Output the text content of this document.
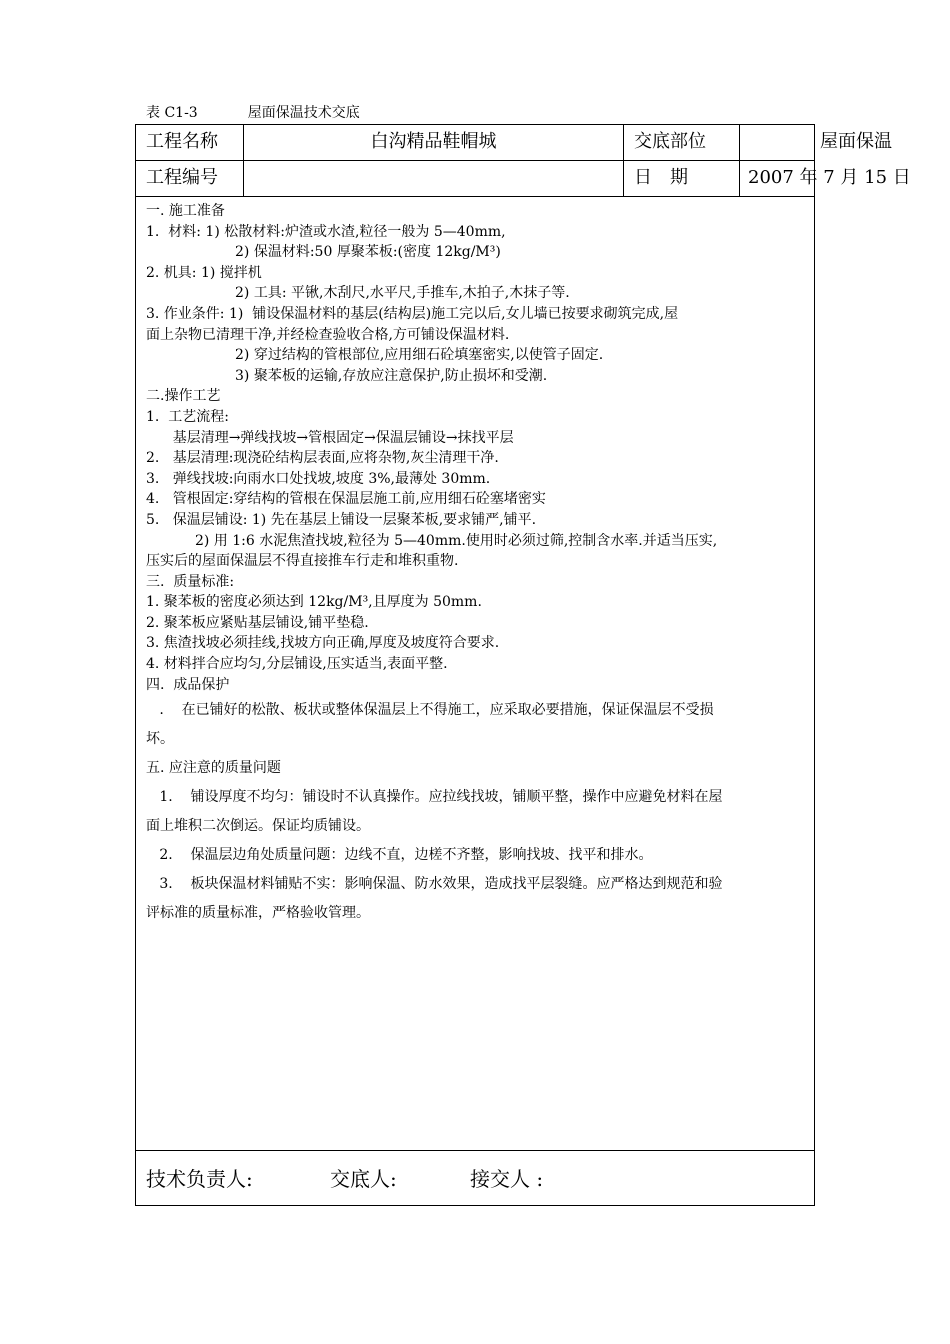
表 C1-3	屋面保温技术交底
工程名称	白沟精品鞋帽城	交底部位	屋面保温
工程编号	日　期	2007 年 7 月 15 日
一. 施工准备
1.  材料: 1) 松散材料:炉渣或水渣,粒径一般为 5—40mm,
2) 保温材料:50 厚聚苯板:(密度 12kg/M³)
2. 机具: 1) 搅拌机
2) 工具: 平锹,木刮尺,水平尺,手推车,木拍子,木抹子等.
3. 作业条件: 1)  铺设保温材料的基层(结构层)施工完以后,女儿墙已按要求砌筑完成,屋
面上杂物已清理干净,并经检查验收合格,方可铺设保温材料.
2) 穿过结构的管根部位,应用细石砼填塞密实,以使管子固定.
3) 聚苯板的运输,存放应注意保护,防止损坏和受潮.
二.操作工艺
1.  工艺流程:
基层清理→弹线找坡→管根固定→保温层铺设→抹找平层
2.   基层清理:现浇砼结构层表面,应将杂物,灰尘清理干净.
3.   弹线找坡:向雨水口处找坡,坡度 3%,最薄处 30mm.
4.   管根固定:穿结构的管根在保温层施工前,应用细石砼塞堵密实
5.   保温层铺设: 1) 先在基层上铺设一层聚苯板,要求铺严,铺平.
2) 用 1:6 水泥焦渣找坡,粒径为 5—40mm.使用时必须过筛,控制含水率.并适当压实,
压实后的屋面保温层不得直接推车行走和堆积重物.
三.  质量标准:
1. 聚苯板的密度必须达到 12kg/M³,且厚度为 50mm.
2. 聚苯板应紧贴基层铺设,铺平垫稳.
3. 焦渣找坡必须挂线,找坡方向正确,厚度及坡度符合要求.
4. 材料拌合应均匀,分层铺设,压实适当,表面平整.
四.  成品保护
.    在已铺好的松散、板状或整体保温层上不得施工，应采取必要措施，保证保温层不受损
坏。
五. 应注意的质量问题
1.    铺设厚度不均匀：铺设时不认真操作。应拉线找坡，铺顺平整，操作中应避免材料在屋
面上堆积二次倒运。保证均质铺设。
2.    保温层边角处质量问题：边线不直，边槎不齐整，影响找坡、找平和排水。
3.    板块保温材料铺贴不实：影响保温、防水效果，造成找平层裂缝。应严格达到规范和验
评标准的质量标准，严格验收管理。
技术负责人:	交底人:	接交人 :
